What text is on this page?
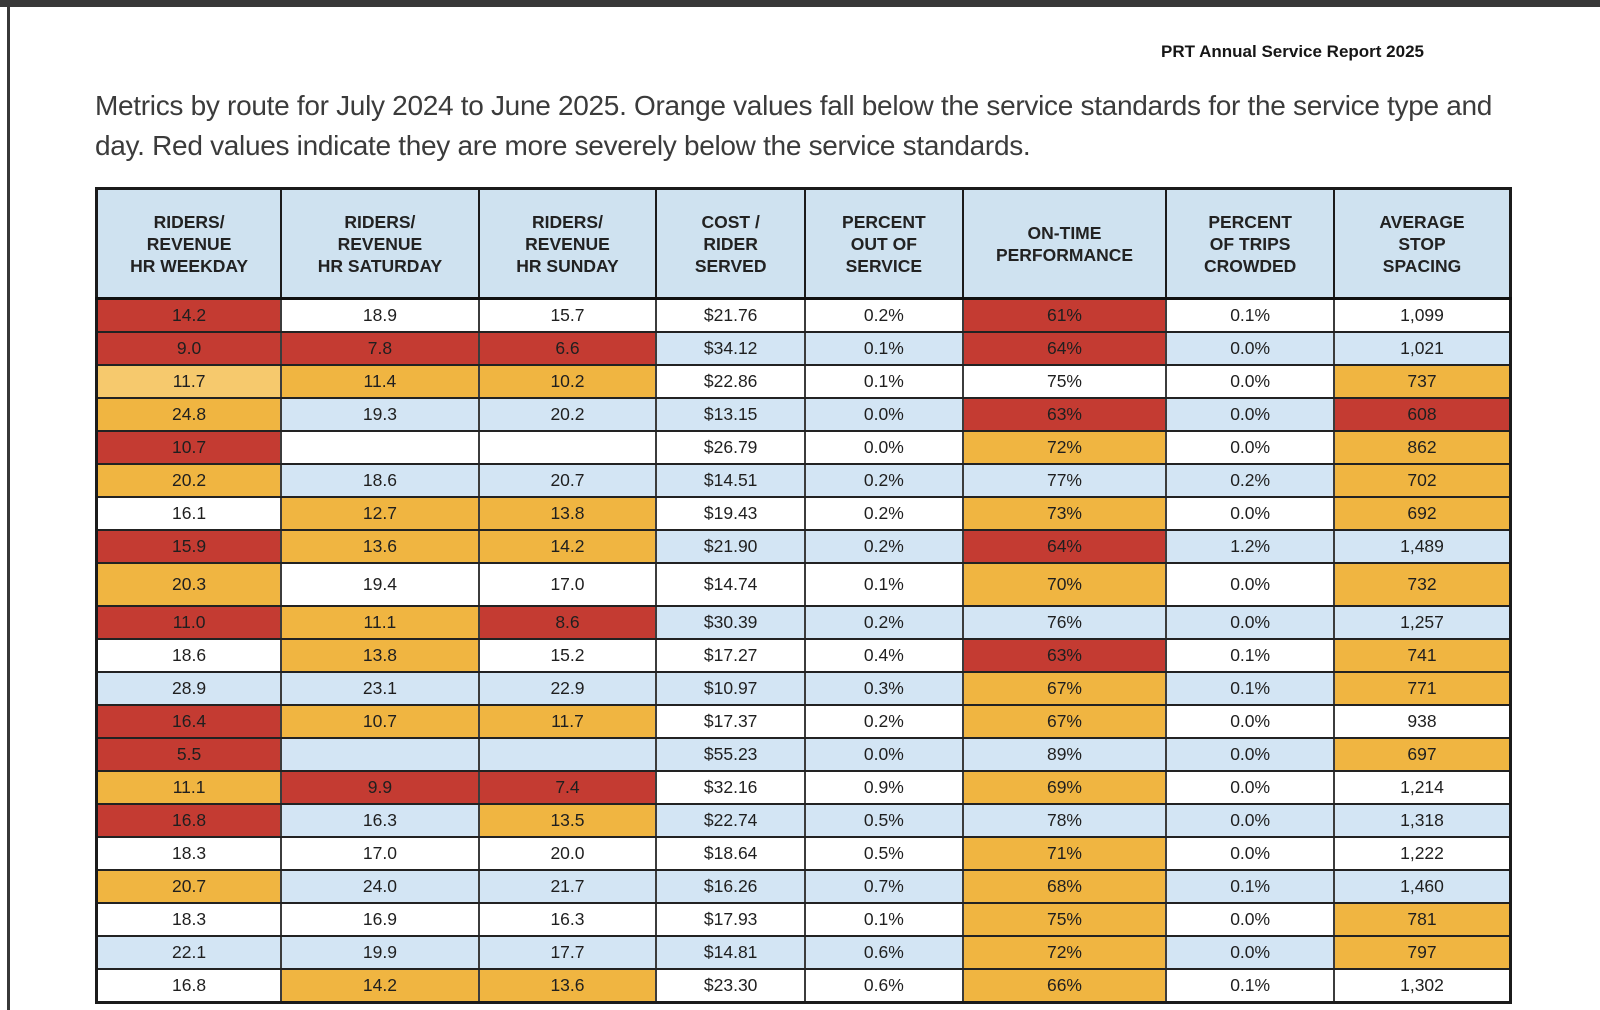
PRT Annual Service Report 2025
Metrics by route for July 2024 to June 2025. Orange values fall below the service standards for the service type and day. Red values indicate they are more severely below the service standards.
RIDERS/
REVENUE
HR WEEKDAY	RIDERS/
REVENUE
HR SATURDAY	RIDERS/
REVENUE
HR SUNDAY	COST /
RIDER
SERVED	PERCENT
OUT OF
SERVICE	ON-TIME
PERFORMANCE	PERCENT
OF TRIPS
CROWDED	AVERAGE
STOP
SPACING

14.2	18.9	15.7	$21.76	0.2%	61%	0.1%	1,099
9.0	7.8	6.6	$34.12	0.1%	64%	0.0%	1,021
11.7	11.4	10.2	$22.86	0.1%	75%	0.0%	737
24.8	19.3	20.2	$13.15	0.0%	63%	0.0%	608
10.7			$26.79	0.0%	72%	0.0%	862
20.2	18.6	20.7	$14.51	0.2%	77%	0.2%	702
16.1	12.7	13.8	$19.43	0.2%	73%	0.0%	692
15.9	13.6	14.2	$21.90	0.2%	64%	1.2%	1,489
20.3	19.4	17.0	$14.74	0.1%	70%	0.0%	732
11.0	11.1	8.6	$30.39	0.2%	76%	0.0%	1,257
18.6	13.8	15.2	$17.27	0.4%	63%	0.1%	741
28.9	23.1	22.9	$10.97	0.3%	67%	0.1%	771
16.4	10.7	11.7	$17.37	0.2%	67%	0.0%	938
5.5			$55.23	0.0%	89%	0.0%	697
11.1	9.9	7.4	$32.16	0.9%	69%	0.0%	1,214
16.8	16.3	13.5	$22.74	0.5%	78%	0.0%	1,318
18.3	17.0	20.0	$18.64	0.5%	71%	0.0%	1,222
20.7	24.0	21.7	$16.26	0.7%	68%	0.1%	1,460
18.3	16.9	16.3	$17.93	0.1%	75%	0.0%	781
22.1	19.9	17.7	$14.81	0.6%	72%	0.0%	797
16.8	14.2	13.6	$23.30	0.6%	66%	0.1%	1,302
